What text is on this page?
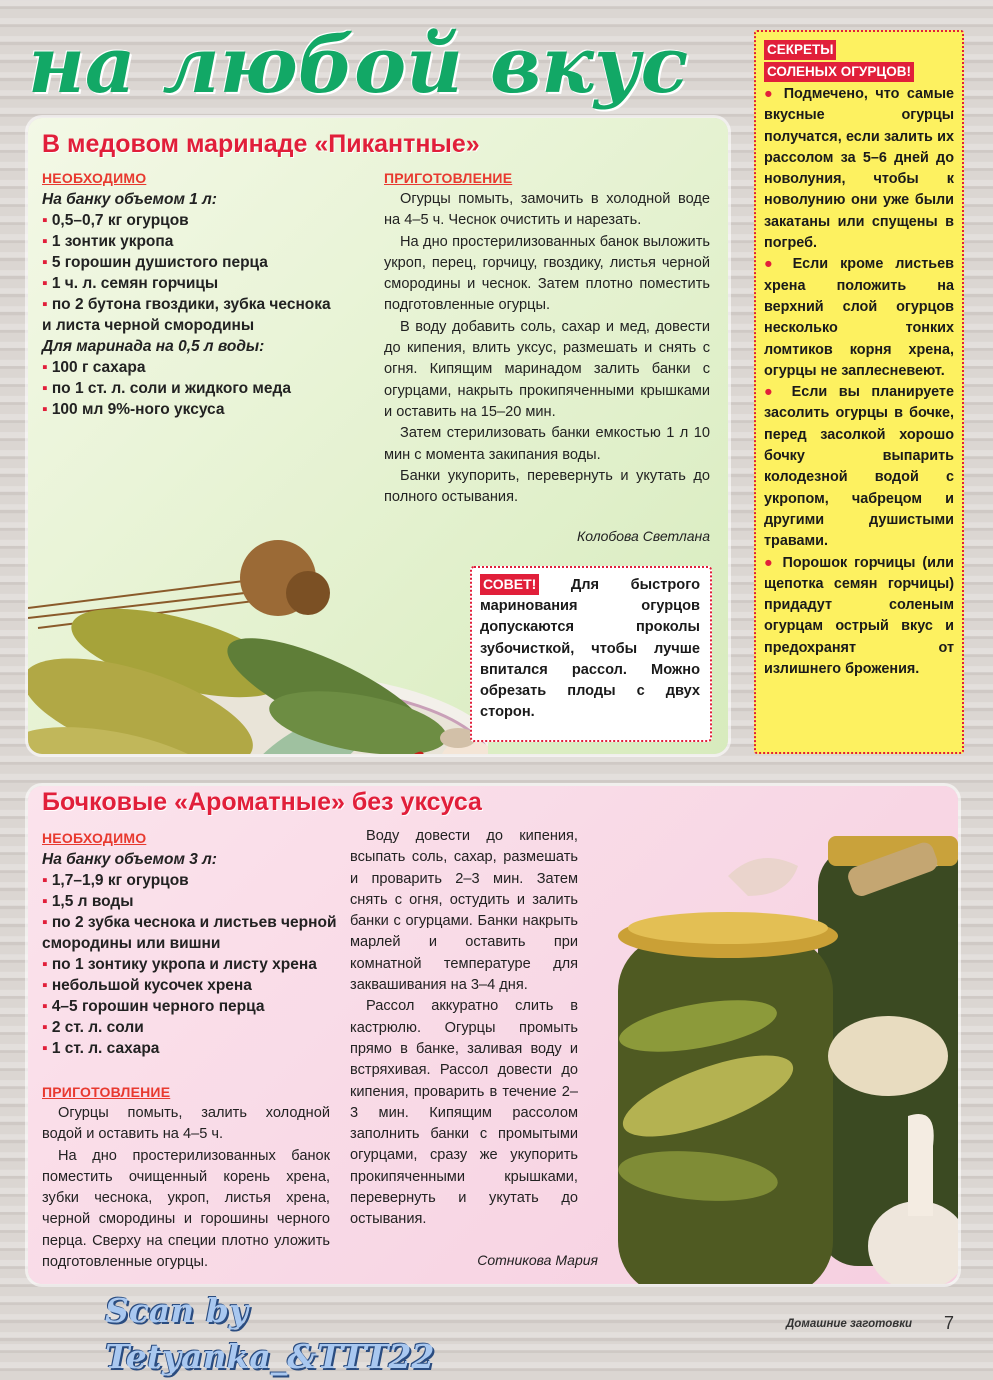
на любой вкус
В медовом маринаде «Пикантные»
НЕОБХОДИМО
На банку объемом 1 л:
▪ 0,5–0,7 кг огурцов
▪ 1 зонтик укропа
▪ 5 горошин душистого перца
▪ 1 ч. л. семян горчицы
▪ по 2 бутона гвоздики, зубка чеснока
и листа черной смородины
Для маринада на 0,5 л воды:
▪ 100 г сахара
▪ по 1 ст. л. соли и жидкого меда
▪ 100 мл 9%-ного уксуса
ПРИГОТОВЛЕНИЕ

Огурцы помыть, замочить в холодной воде на 4–5 ч. Чеснок очистить и нарезать.

На дно простерилизованных банок выложить укроп, перец, горчицу, гвоздику, листья черной смородины и чеснок. Затем плотно поместить подготовленные огурцы.

В воду добавить соль, сахар и мед, довести до кипения, влить уксус, размешать и снять с огня. Кипящим маринадом залить банки с огурцами, накрыть прокипяченными крышками и оставить на 15–20 мин.

Затем стерилизовать банки емкостью 1 л 10 мин с момента закипания воды.

Банки укупорить, перевернуть и укутать до полного остывания.

Колобова Светлана
СОВЕТ! Для быстрого маринования огурцов допускаются проколы зубочисткой, чтобы лучше впитался рассол. Можно обрезать плоды с двух сторон.
СЕКРЕТЫ
СОЛЕНЫХ ОГУРЦОВ!

● Подмечено, что самые вкусные огурцы получатся, если залить их рассолом за 5–6 дней до новолуния, чтобы к новолунию они уже были закатаны или спущены в погреб.

● Если кроме листьев хрена положить на верхний слой огурцов несколько тонких ломтиков корня хрена, огурцы не заплесневеют.

● Если вы планируете засолить огурцы в бочке, перед засолкой хорошо бочку выпарить колодезной водой с укропом, чабрецом и другими душистыми травами.

● Порошок горчицы (или щепотка семян горчицы) придадут соленым огурцам острый вкус и предохранят от излишнего брожения.

Бочковые «Ароматные» без уксуса
НЕОБХОДИМО
На банку объемом 3 л:
▪ 1,7–1,9 кг огурцов
▪ 1,5 л воды
▪ по 2 зубка чеснока и листьев черной смородины или вишни
▪ по 1 зонтику укропа и листу хрена
▪ небольшой кусочек хрена
▪ 4–5 горошин черного перца
▪ 2 ст. л. соли
▪ 1 ст. л. сахара
ПРИГОТОВЛЕНИЕ

Огурцы помыть, залить холодной водой и оставить на 4–5 ч.

На дно простерилизованных банок поместить очищенный корень хрена, зубки чеснока, укроп, листья хрена, черной смородины и горошины черного перца. Сверху на специи плотно уложить подготовленные огурцы.

Воду довести до кипения, всыпать соль, сахар, размешать и проварить 2–3 мин. Затем снять с огня, остудить и залить банки с огурцами. Банки накрыть марлей и оставить при комнатной температуре для заквашивания на 3–4 дня.

Рассол аккуратно слить в кастрюлю. Огурцы промыть прямо в банке, заливая воду и встряхивая. Рассол довести до кипения, проварить в течение 2–3 мин. Кипящим рассолом заполнить банки с промытыми огурцами, сразу же укупорить прокипяченными крышками, перевернуть и укутать до остывания.

Сотникова Мария
Scan by Tetyanka_&TTT22
Домашние заготовки	7
